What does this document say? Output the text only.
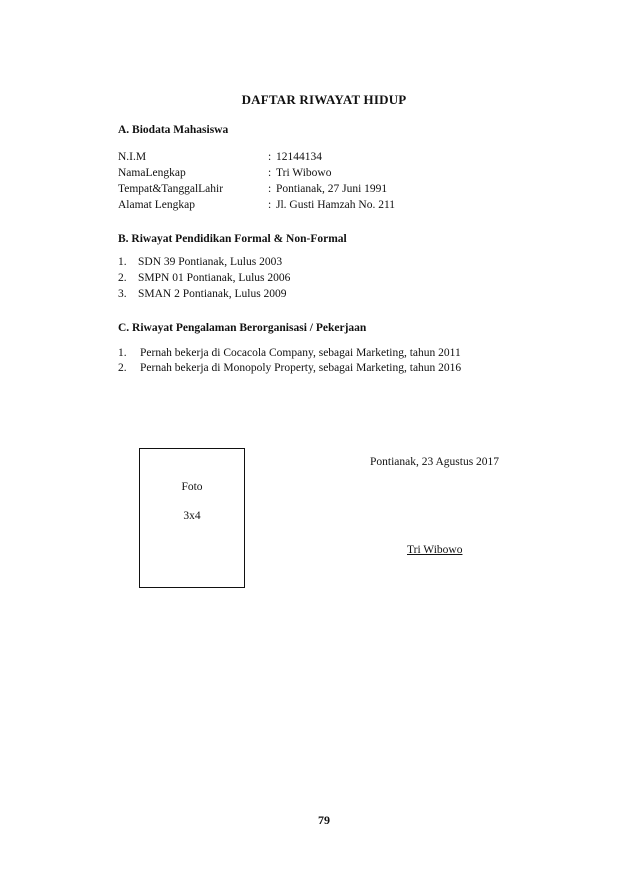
DAFTAR RIWAYAT HIDUP
A. Biodata Mahasiswa
N.I.M	: 12144134
NamaLengkap	: Tri Wibowo
Tempat&TanggalLahir	: Pontianak, 27 Juni 1991
Alamat Lengkap	: Jl. Gusti Hamzah No. 211
B. Riwayat Pendidikan Formal & Non-Formal
1. SDN 39 Pontianak, Lulus 2003
2. SMPN 01 Pontianak, Lulus 2006
3. SMAN 2 Pontianak, Lulus 2009
C. Riwayat Pengalaman Berorganisasi / Pekerjaan
1. Pernah bekerja di Cocacola Company, sebagai Marketing, tahun 2011
2. Pernah bekerja di Monopoly Property, sebagai Marketing, tahun 2016
Foto
3x4
Pontianak, 23 Agustus 2017
Tri Wibowo
79
